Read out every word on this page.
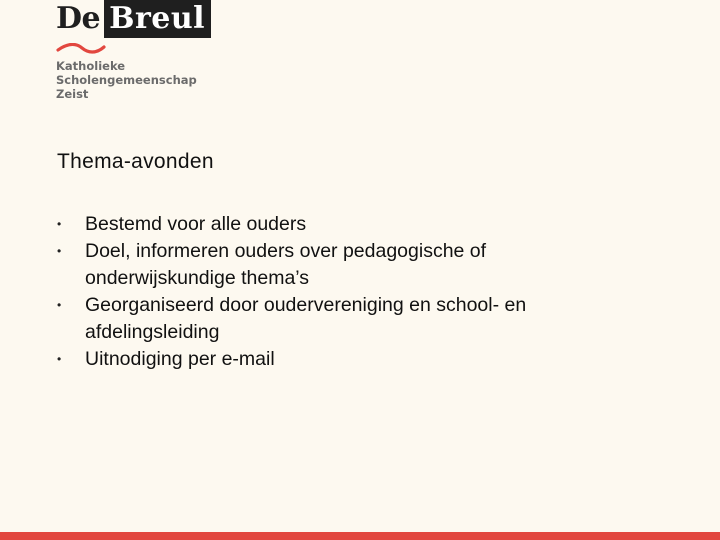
De Breul
Katholieke
Scholengemeenschap
Zeist
Thema-avonden
• Bestemd voor alle ouders
• Doel, informeren ouders over pedagogische of onderwijskundige thema’s
• Georganiseerd door oudervereniging en school- en afdelingsleiding
• Uitnodiging per e-mail
